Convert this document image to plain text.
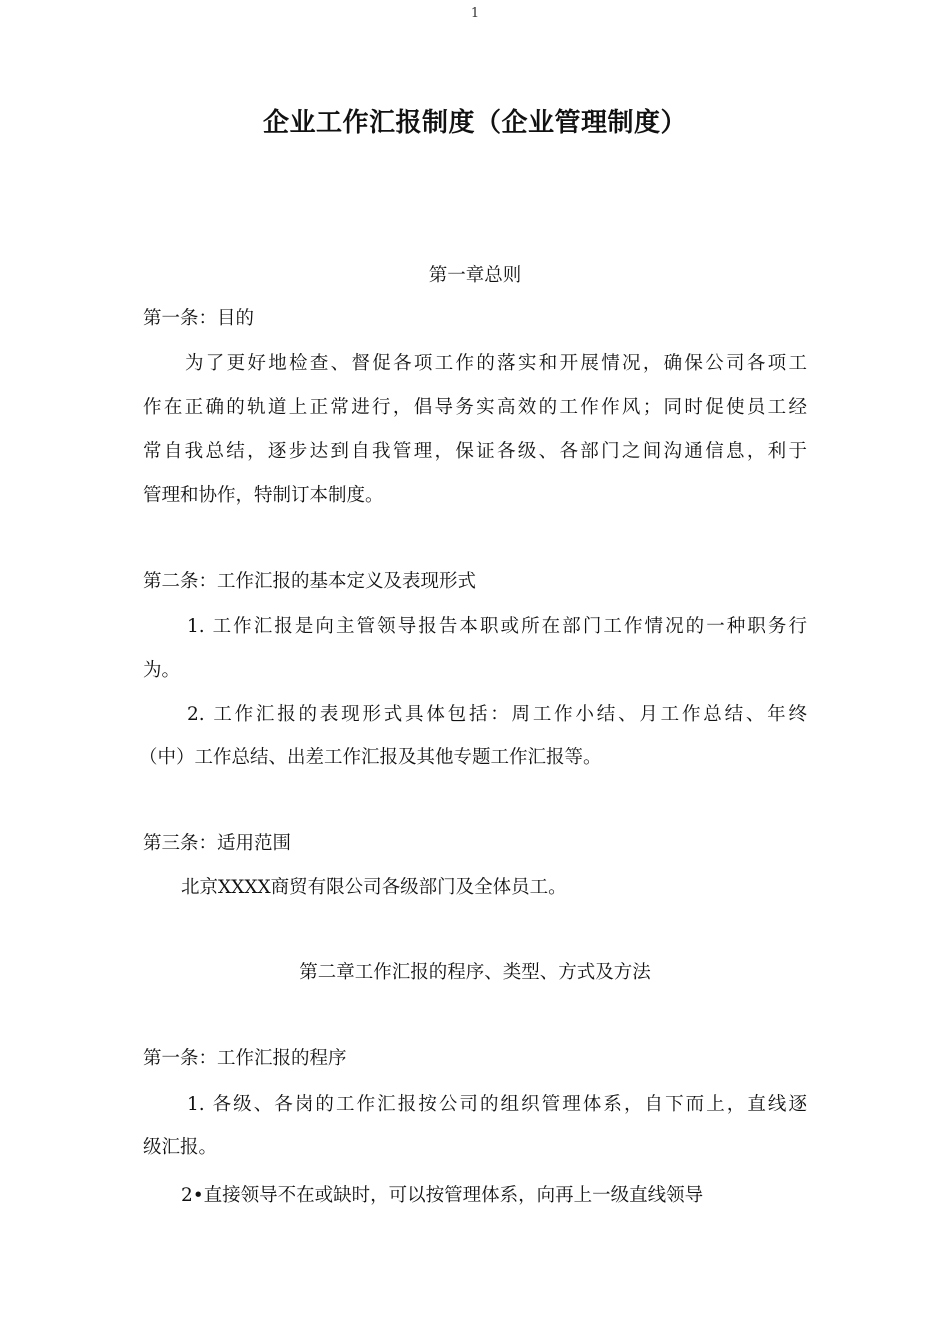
1
企业工作汇报制度（企业管理制度）
第一章总则
第一条：目的
为了更好地检查、督促各项工作的落实和开展情况，确保公司各项工
作在正确的轨道上正常进行，倡导务实高效的工作作风；同时促使员工经
常自我总结，逐步达到自我管理，保证各级、各部门之间沟通信息，利于
管理和协作，特制订本制度。
第二条：工作汇报的基本定义及表现形式
1. 工作汇报是向主管领导报告本职或所在部门工作情况的一种职务行
为。
2. 工作汇报的表现形式具体包括：周工作小结、月工作总结、年终
（中）工作总结、出差工作汇报及其他专题工作汇报等。
第三条：适用范围
北京XXXX商贸有限公司各级部门及全体员工。
第二章工作汇报的程序、类型、方式及方法
第一条：工作汇报的程序
1. 各级、各岗的工作汇报按公司的组织管理体系，自下而上，直线逐
级汇报。
2•直接领导不在或缺时，可以按管理体系，向再上一级直线领导
